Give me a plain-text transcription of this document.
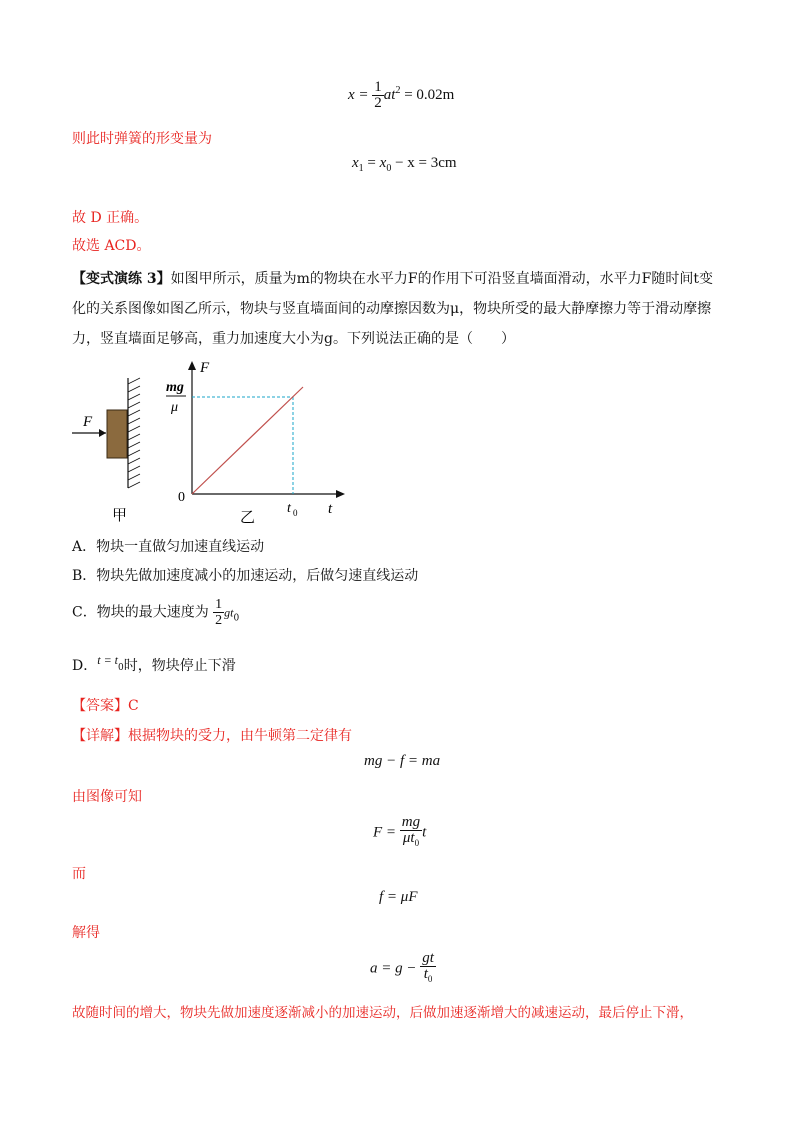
$x = \frac{1}{2} at^2 = 0.02m$
则此时弹簧的形变量为
$x_1 = x_0 - x = 3cm$
故 D 正确。
故选 ACD。
【变式演练 3】如图甲所示，质量为m的物块在水平力F的作用下可沿竖直墙面滑动，水平力F随时间t变化的关系图像如图乙所示，物块与竖直墙面间的动摩擦因数为μ，物块所受的最大静摩擦力等于滑动摩擦力，竖直墙面足够高，重力加速度大小为g。下列说法正确的是（　　）
F
甲
F
t
0
mg
μ
t 0
乙
A．物块一直做匀加速直线运动
B．物块先做加速度减小的加速运动，后做匀速直线运动
C．物块的最大速度为 $\frac{1}{2} gt_0$
D．$t = t_0$时，物块停止下滑
【答案】C
【详解】根据物块的受力，由牛顿第二定律有
mg − f = ma
由图像可知
$F = \frac{mg}{\mu t_0}$ t
而
f = μF
解得
$a = g - \frac{gt}{t_0}$
故随时间的增大，物块先做加速度逐渐减小的加速运动，后做加速逐渐增大的减速运动，最后停止下滑，
